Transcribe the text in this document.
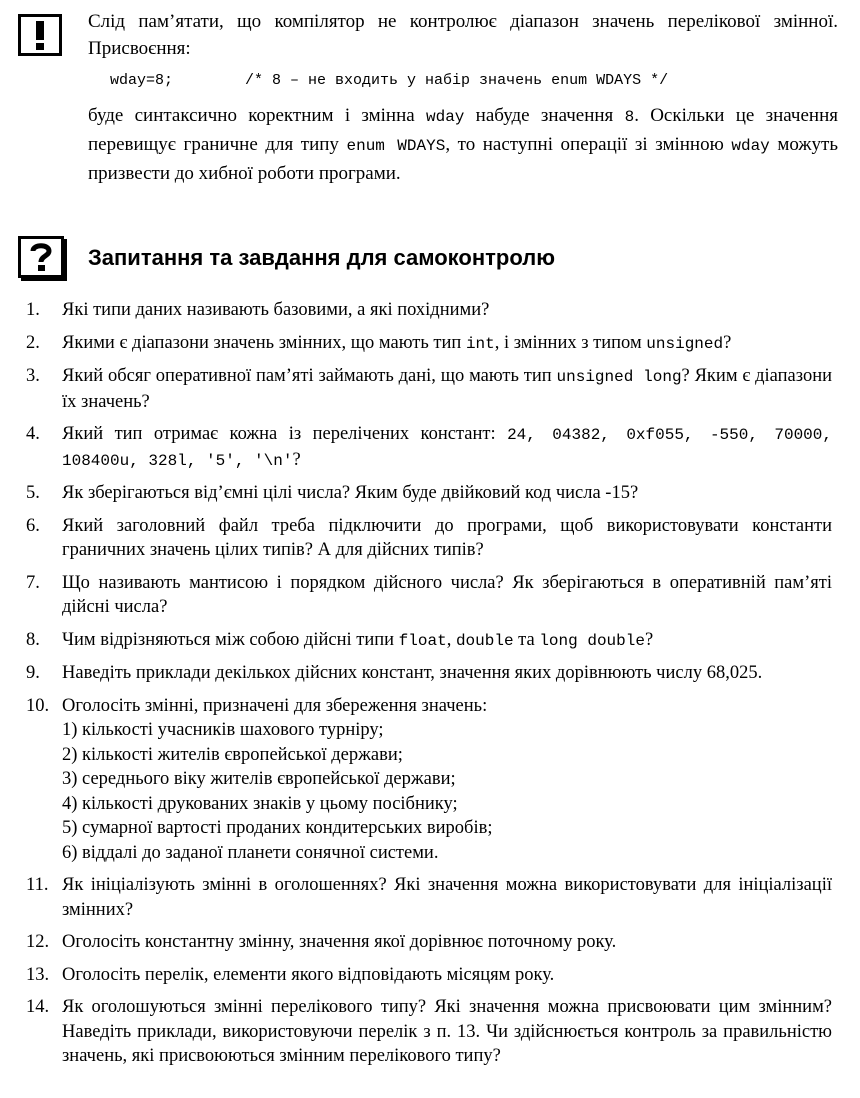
Слід пам’ятати, що компілятор не контролює діапазон значень перелікової змінної. Присвоєння:

wday=8;        /* 8 – не входить у набір значень enum WDAYS */

буде синтаксично коректним і змінна wday набуде значення 8. Оскільки це значення перевищує граничне для типу enum WDAYS, то наступні операції зі змінною wday можуть призвести до хибної роботи програми.

Запитання та завдання для самоконтролю
1.	Які типи даних називають базовими, а які похідними?
2.	Якими є діапазони значень змінних, що мають тип int, і змінних з типом unsigned?
3.	Який обсяг оперативної пам’яті займають дані, що мають тип unsigned long? Яким є діапазони їх значень?
4.	Який тип отримає кожна із перелічених констант: 24, 04382, 0xf055, -550, 70000, 108400u, 328l, '5', '\n'?
5.	Як зберігаються від’ємні цілі числа? Яким буде двійковий код числа -15?
6.	Який заголовний файл треба підключити до програми, щоб використовувати константи граничних значень цілих типів? А для дійсних типів?
7.	Що називають мантисою і порядком дійсного числа? Як зберігаються в оперативній пам’яті дійсні числа?
8.	Чим відрізняються між собою дійсні типи float, double та long double?
9.	Наведіть приклади декількох дійсних констант, значення яких дорівнюють числу 68,025.
10. Оголосіть змінні, призначені для збереження значень:
1) кількості учасників шахового турніру;
2) кількості жителів європейської держави;
3) середнього віку жителів європейської держави;
4) кількості друкованих знаків у цьому посібнику;
5) сумарної вартості проданих кондитерських виробів;
6) віддалі до заданої планети сонячної системи.
11. Як ініціалізують змінні в оголошеннях? Які значення можна використовувати для ініціалізації змінних?
12. Оголосіть константну змінну, значення якої дорівнює поточному року.
13. Оголосіть перелік, елементи якого відповідають місяцям року.
14. Як оголошуються змінні перелікового типу? Які значення можна присвоювати цим змінним? Наведіть приклади, використовуючи перелік з п. 13. Чи здійснюється контроль за правильністю значень, які присвоюються змінним перелікового типу?
